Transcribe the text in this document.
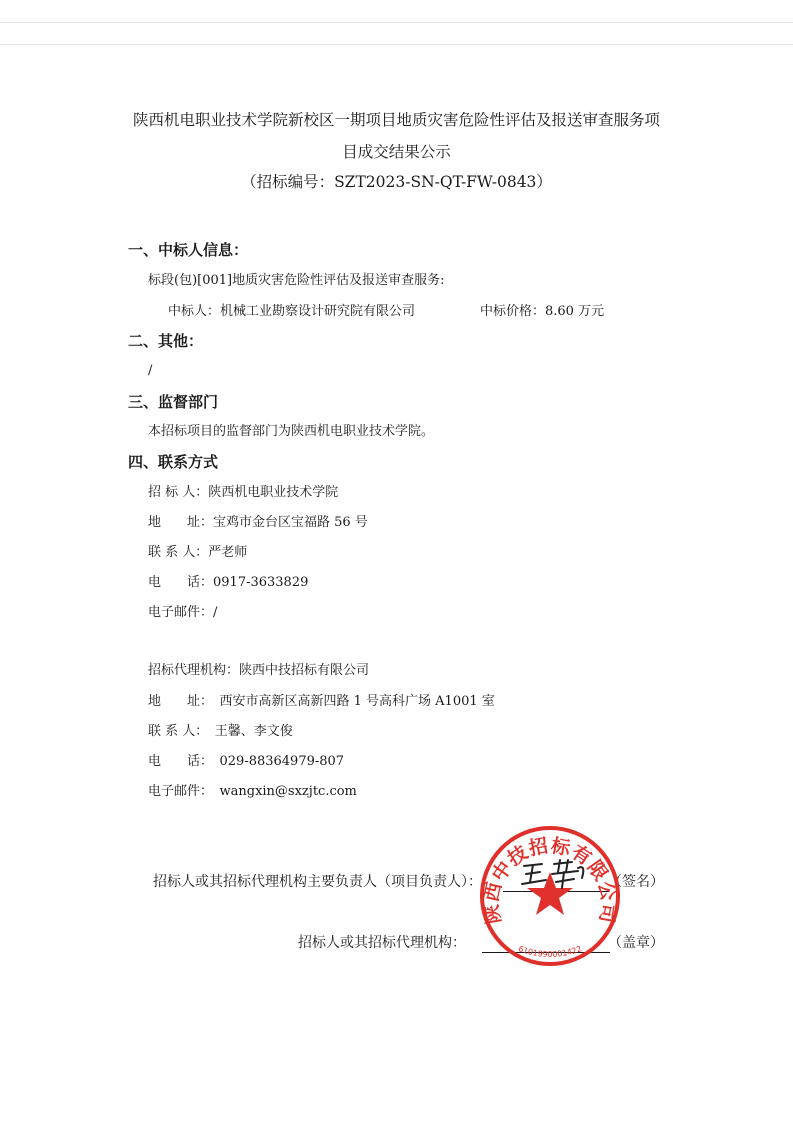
陕西机电职业技术学院新校区一期项目地质灾害危险性评估及报送审查服务项
目成交结果公示
（招标编号：SZT2023-SN-QT-FW-0843）
一、中标人信息：
标段(包)[001]地质灾害危险性评估及报送审查服务:
中标人：机械工业勘察设计研究院有限公司	中标价格：8.60 万元
二、其他：
/
三、监督部门
本招标项目的监督部门为陕西机电职业技术学院。
四、联系方式
招 标 人：陕西机电职业技术学院
地　　址：宝鸡市金台区宝福路 56 号
联 系 人：严老师
电　　话：0917-3633829
电子邮件：/
招标代理机构：陕西中技招标有限公司
地　　址：　西安市高新区高新四路 1 号高科广场 A1001 室
联 系 人：　王馨、李文俊
电　　话：　029-88364979-807
电子邮件：　wangxin@sxzjtc.com
招标人或其招标代理机构主要负责人（项目负责人）：	（签名）
招标人或其招标代理机构：	（盖章）
陕西中技招标有限公司
6101990001422
